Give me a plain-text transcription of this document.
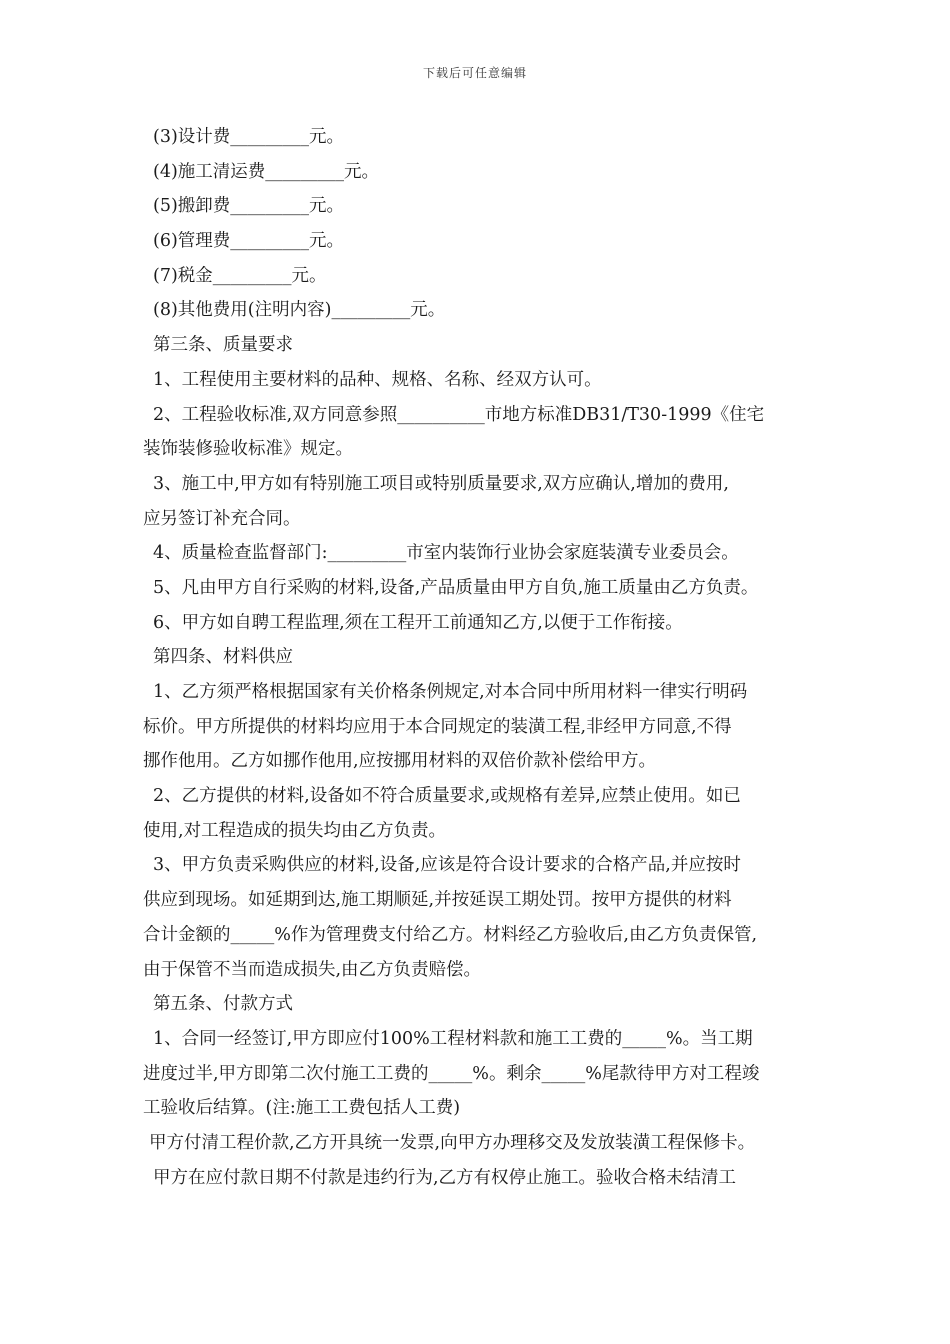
下载后可任意编辑
(3)设计费_________元。
(4)施工清运费_________元。
(5)搬卸费_________元。
(6)管理费_________元。
(7)税金_________元。
(8)其他费用(注明内容)_________元。
第三条、质量要求
1、工程使用主要材料的品种、规格、名称、经双方认可。
2、工程验收标准,双方同意参照__________市地方标准DB31/T30-1999《住宅
装饰装修验收标准》规定。
3、施工中,甲方如有特别施工项目或特别质量要求,双方应确认,增加的费用,
应另签订补充合同。
4、质量检查监督部门:_________市室内装饰行业协会家庭装潢专业委员会。
5、凡由甲方自行采购的材料,设备,产品质量由甲方自负,施工质量由乙方负责。
6、甲方如自聘工程监理,须在工程开工前通知乙方,以便于工作衔接。
第四条、材料供应
1、乙方须严格根据国家有关价格条例规定,对本合同中所用材料一律实行明码
标价。甲方所提供的材料均应用于本合同规定的装潢工程,非经甲方同意,不得
挪作他用。乙方如挪作他用,应按挪用材料的双倍价款补偿给甲方。
2、乙方提供的材料,设备如不符合质量要求,或规格有差异,应禁止使用。如已
使用,对工程造成的损失均由乙方负责。
3、甲方负责采购供应的材料,设备,应该是符合设计要求的合格产品,并应按时
供应到现场。如延期到达,施工期顺延,并按延误工期处罚。按甲方提供的材料
合计金额的_____%作为管理费支付给乙方。材料经乙方验收后,由乙方负责保管,
由于保管不当而造成损失,由乙方负责赔偿。
第五条、付款方式
1、合同一经签订,甲方即应付100%工程材料款和施工工费的_____%。当工期
进度过半,甲方即第二次付施工工费的_____%。剩余_____%尾款待甲方对工程竣
工验收后结算。(注:施工工费包括人工费)
甲方付清工程价款,乙方开具统一发票,向甲方办理移交及发放装潢工程保修卡。
甲方在应付款日期不付款是违约行为,乙方有权停止施工。验收合格未结清工
